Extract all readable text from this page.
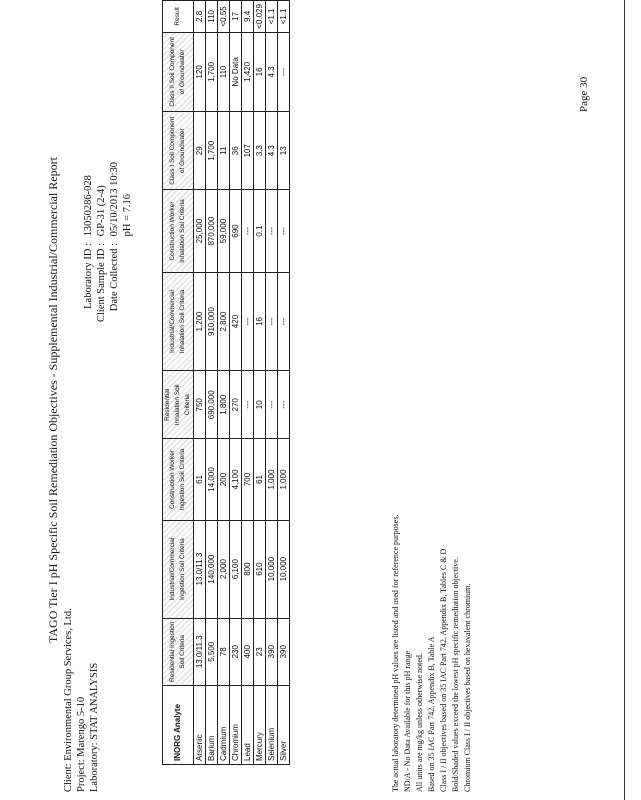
TAGO Tier I pH Specific Soil Remediation Objectives - Supplemental Industrial/Commercial Report
Page 30
Client: Environmental Group Services, Ltd.
Project: Marengo 5-10
Laboratory: STAT ANALYSIS
Laboratory ID : 13050286-028
Client Sample ID : GP-31 (2-4)
Date Collected : 05/10/2013 10:30 pH = 7.16
INORG Analyte	Residential Ingestion Soil Criteria	Industrial/Commercial Ingestion Soil Criteria	Construction Worker Ingestion Soil Criteria	Residential Inhalation Soil Criteria	Industrial/Commercial Inhalation Soil Criteria	Construction Worker Inhalation Soil Criteria	Class I Soil Component of Groundwater	Class II Soil Component of Groundwater	Result
Arsenic	13.0/11.3	13.0/11.3	61	750	1,200	25,000	29	120	2.8
Barium	5,500	140,000	14,000	690,000	910,000	870,000	1,700	1,700	110
Cadmium	78	2,000	200	1,800	2,800	59,000	11	110	<0.55
Chromium	230	6,100	4,100	270	420	690	36	No Data	17
Lead	400	800	700	---	---	---	107	1,420	9.4
Mercury	23	610	61	10	16	0.1	3.3	16	<0.029
Selenium	390	10,000	1,000	---	---	---	4.3	4.3	<1.1
Silver	390	10,000	1,000	---	---	---	13	---	<1.1
The actual laboratory determined pH values are listed and used for reference purposes. ND/A - No Data Available for this pH range All units are mg/kg unless otherwise noted. Based on 35 IAC Part 742, Appendix B, Table A Class I / II objectives based on 35 IAC Part 742, Appendix B, Tables C & D Bold/Shaded values exceed the lowest pH specific remediation objective. Chromium Class I / II objectives based on hexavalent chromium.
